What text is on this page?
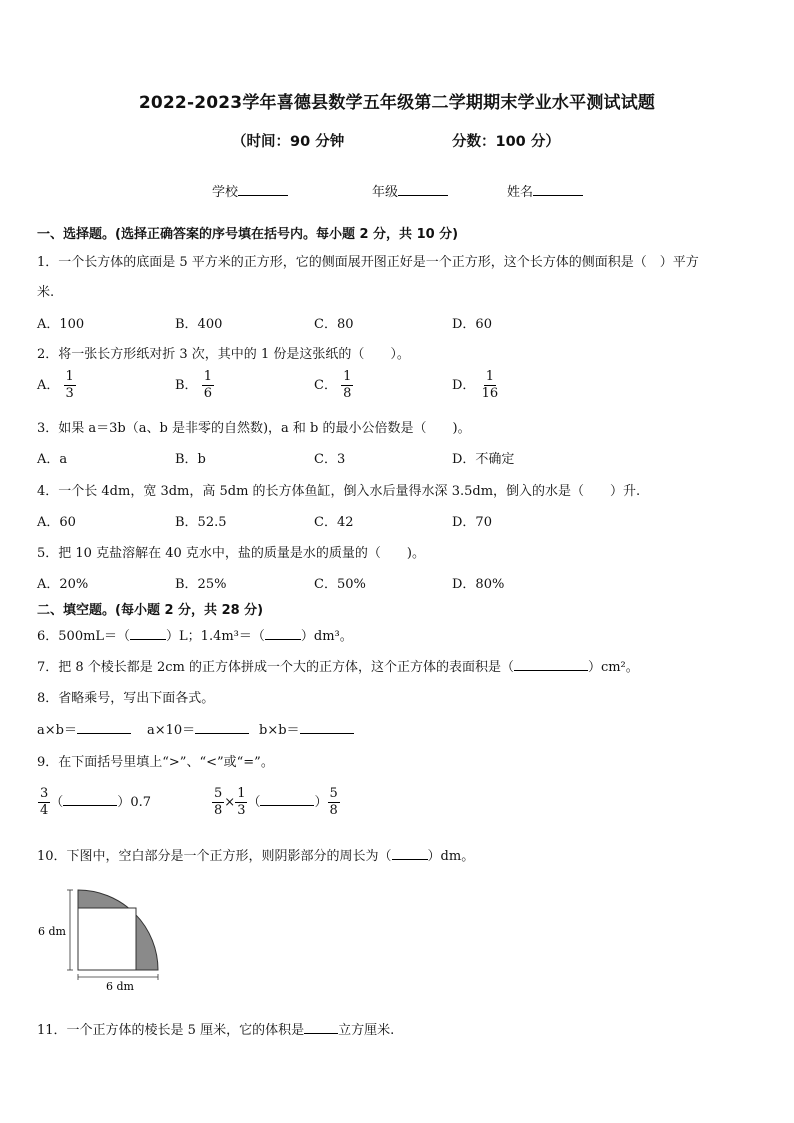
2022-2023学年喜德县数学五年级第二学期期末学业水平测试试题
（时间：90 分钟	分数：100 分）
学校	年级	姓名
一、选择题。(选择正确答案的序号填在括号内。每小题 2 分，共 10 分)
1．一个长方体的底面是 5 平方米的正方形，它的侧面展开图正好是一个正方形，这个长方体的侧面积是（　）平方
米.
A．100	B．400	C．80	D．60
2．将一张长方形纸对折 3 次，其中的 1 份是这张纸的（　　）。
A． $\frac{1}{3}$	B． $\frac{1}{6}$	C． $\frac{1}{8}$	D． $\frac{1}{16}$
3．如果 a＝3b（a、b 是非零的自然数)，a 和 b 的最小公倍数是（　　)。
A．a	B．b	C．3	D．不确定
4．一个长 4dm，宽 3dm，高 5dm 的长方体鱼缸，倒入水后量得水深 3.5dm，倒入的水是（　　）升.
A．60	B．52.5	C．42	D．70
5．把 10 克盐溶解在 40 克水中，盐的质量是水的质量的（　　)。
A．20%	B．25%	C．50%	D．80%
二、填空题。(每小题 2 分，共 28 分)
6．500mL＝（	）L；1.4m³＝（	）dm³。
7．把 8 个棱长都是 2cm 的正方体拼成一个大的正方体，这个正方体的表面积是（	）cm²。
8．省略乘号，写出下面各式。
a×b＝	a×10＝	b×b＝
9．在下面括号里填上“>”、“<”或“=”。
$\frac{3}{4}$ （	）0.7	$\frac{5}{8} \times \frac{1}{3}$ （	） $\frac{5}{8}$
10．下图中，空白部分是一个正方形，则阴影部分的周长为（	）dm。
6 dm
6 dm
11．一个正方体的棱长是 5 厘米，它的体积是	立方厘米.
